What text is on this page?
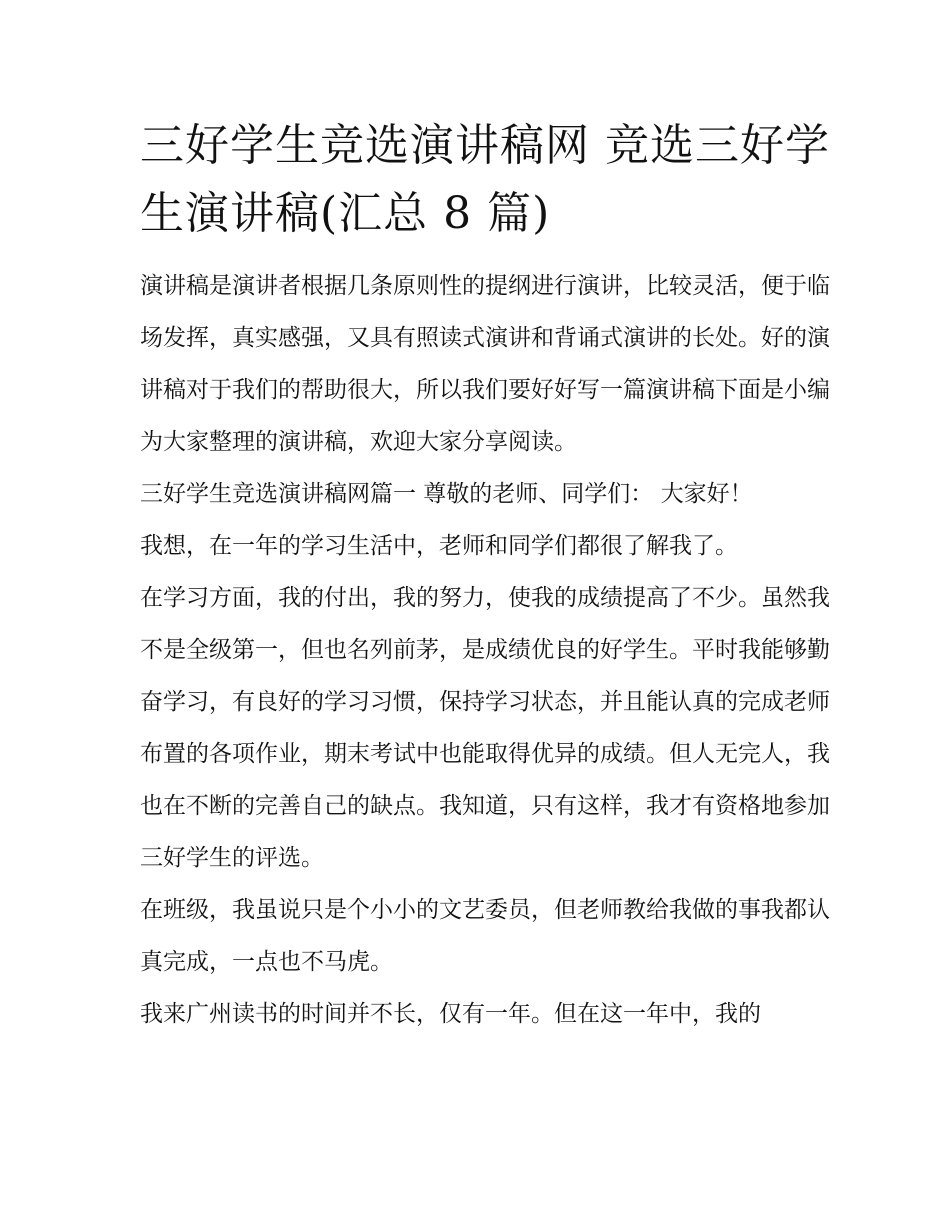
三好学生竞选演讲稿网 竞选三好学生演讲稿(汇总 8 篇)

演讲稿是演讲者根据几条原则性的提纲进行演讲，比较灵活，便于临场发挥，真实感强，又具有照读式演讲和背诵式演讲的长处。好的演讲稿对于我们的帮助很大，所以我们要好好写一篇演讲稿下面是小编为大家整理的演讲稿，欢迎大家分享阅读。

三好学生竞选演讲稿网篇一 尊敬的老师、同学们： 大家好！

我想，在一年的学习生活中，老师和同学们都很了解我了。

在学习方面，我的付出，我的努力，使我的成绩提高了不少。虽然我不是全级第一，但也名列前茅，是成绩优良的好学生。平时我能够勤奋学习，有良好的学习习惯，保持学习状态，并且能认真的完成老师布置的各项作业，期末考试中也能取得优异的成绩。但人无完人，我也在不断的完善自己的缺点。我知道，只有这样，我才有资格地参加三好学生的评选。

在班级，我虽说只是个小小的文艺委员，但老师教给我做的事我都认真完成，一点也不马虎。

我来广州读书的时间并不长，仅有一年。但在这一年中，我的
